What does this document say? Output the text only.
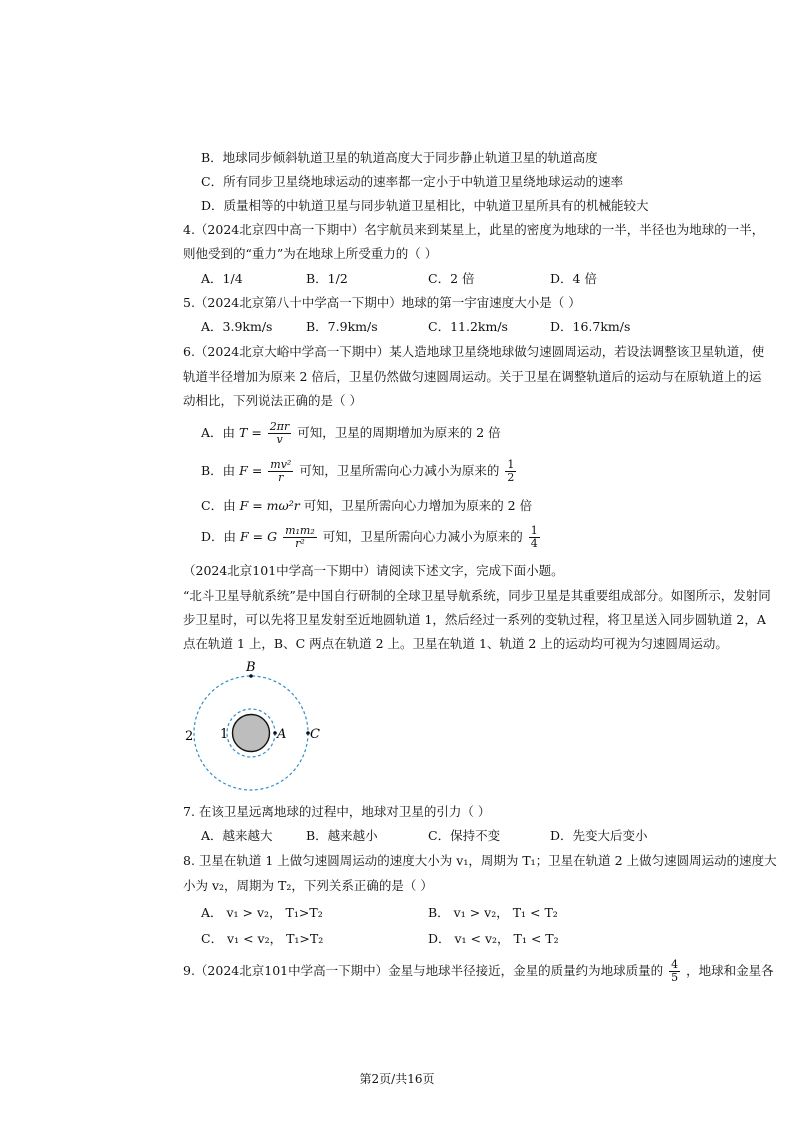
B．地球同步倾斜轨道卫星的轨道高度大于同步静止轨道卫星的轨道高度
C．所有同步卫星绕地球运动的速率都一定小于中轨道卫星绕地球运动的速率
D．质量相等的中轨道卫星与同步轨道卫星相比，中轨道卫星所具有的机械能较大
4.（2024北京四中高一下期中）名宇航员来到某星上，此星的密度为地球的一半，半径也为地球的一半，
则他受到的“重力”为在地球上所受重力的（ ）
A．1/4	B．1/2	C．2 倍	D．4 倍
5.（2024北京第八十中学高一下期中）地球的第一宇宙速度大小是（ ）
A．3.9km/s	B．7.9km/s	C．11.2km/s	D．16.7km/s
6.（2024北京大峪中学高一下期中）某人造地球卫星绕地球做匀速圆周运动，若设法调整该卫星轨道，使
轨道半径增加为原来 2 倍后，卫星仍然做匀速圆周运动。关于卫星在调整轨道后的运动与在原轨道上的运
动相比，下列说法正确的是（ ）
A．由 $T = \frac{2\pi r}{v}$ 可知，卫星的周期增加为原来的 2 倍
B．由 $F = \frac{\text{mv²}}{r}$ 可知，卫星所需向心力减小为原来的 $\frac{1}{2}$
C．由 F = mω²r 可知，卫星所需向心力增加为原来的 2 倍
D．由 F = G $\frac{\text{m₁m₂}}{\text{r²}}$ 可知，卫星所需向心力减小为原来的 $\frac{1}{4}$
（2024北京101中学高一下期中）请阅读下述文字，完成下面小题。
“北斗卫星导航系统”是中国自行研制的全球卫星导航系统，同步卫星是其重要组成部分。如图所示，发射同
步卫星时，可以先将卫星发射至近地圆轨道 1，然后经过一系列的变轨过程，将卫星送入同步圆轨道 2，A
点在轨道 1 上，B、C 两点在轨道 2 上。卫星在轨道 1、轨道 2 上的运动均可视为匀速圆周运动。
B
A C
1
2
7. 在该卫星远离地球的过程中，地球对卫星的引力（ ）
A．越来越大	B．越来越小	C．保持不变	D．先变大后变小
8. 卫星在轨道 1 上做匀速圆周运动的速度大小为 v₁，周期为 T₁；卫星在轨道 2 上做匀速圆周运动的速度大
小为 v₂，周期为 T₂，下列关系正确的是（ ）
A． v₁ > v₂， T₁>T₂	B． v₁ > v₂， T₁ < T₂
C． v₁ < v₂， T₁>T₂	D． v₁ < v₂， T₁ < T₂
9.（2024北京101中学高一下期中）金星与地球半径接近，金星的质量约为地球质量的 $\frac{4}{5}$ ，地球和金星各
第2页/共16页
